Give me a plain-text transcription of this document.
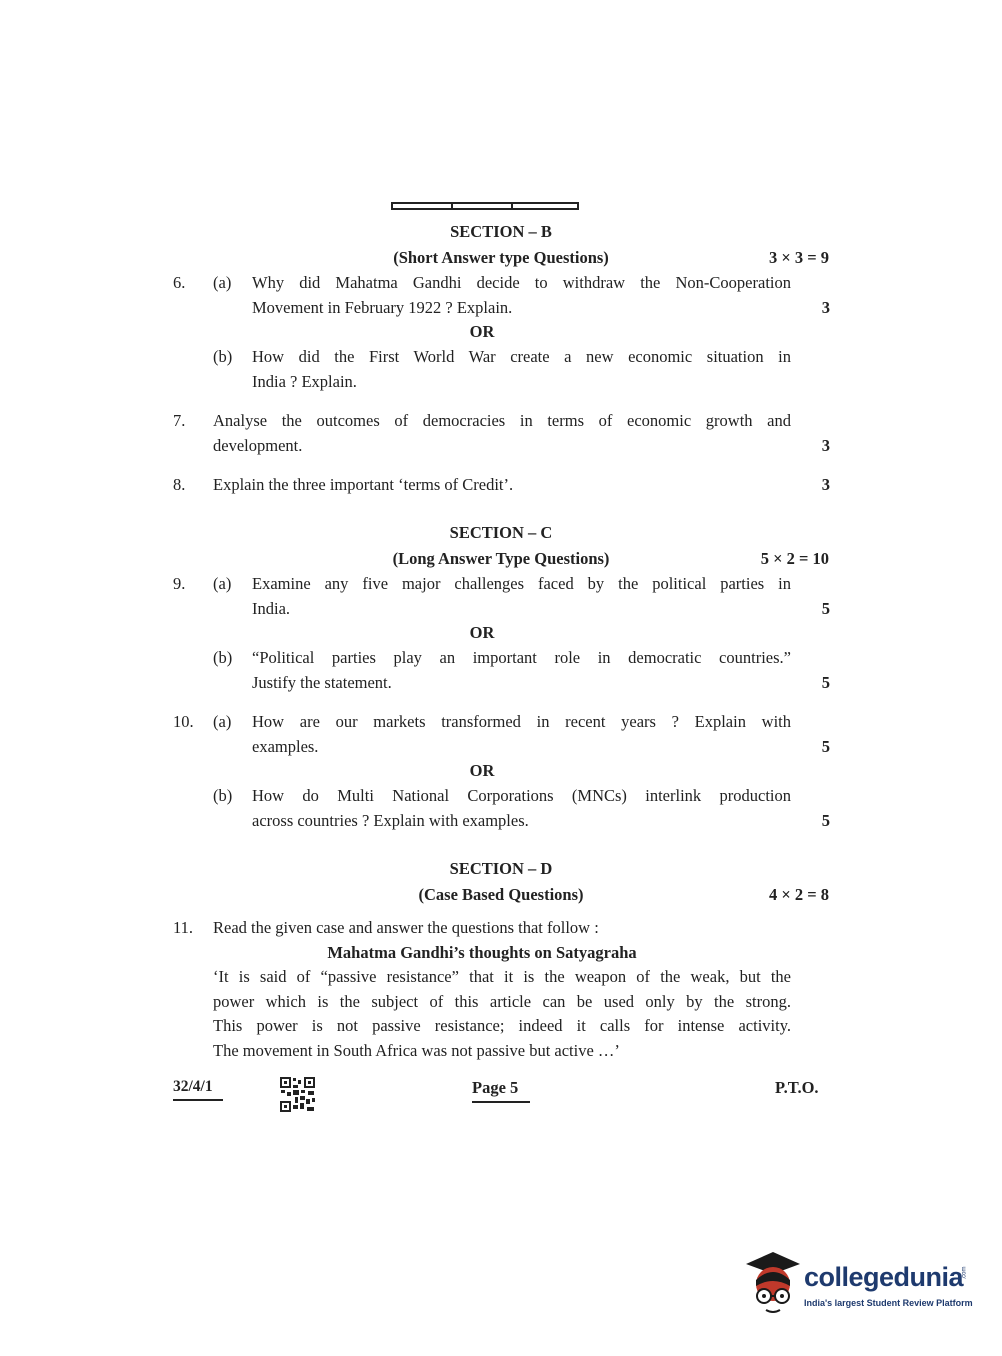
SECTION – B
(Short Answer type Questions)	3 × 3 = 9
6. (a) Why did Mahatma Gandhi decide to withdraw the Non-Cooperation
Movement in February 1922 ? Explain.	3
OR
(b) How did the First World War create a new economic situation in
India ? Explain.
7. Analyse the outcomes of democracies in terms of economic growth and
development.	3
8. Explain the three important ‘terms of Credit’.	3
SECTION – C
(Long Answer Type Questions)	5 × 2 = 10
9. (a) Examine any five major challenges faced by the political parties in
India.	5
OR
(b) “Political parties play an important role in democratic countries.”
Justify the statement.	5
10. (a) How are our markets transformed in recent years ? Explain with
examples.	5
OR
(b) How do Multi National Corporations (MNCs) interlink production
across countries ? Explain with examples.	5
SECTION – D
(Case Based Questions)	4 × 2 = 8
11. Read the given case and answer the questions that follow :
Mahatma Gandhi’s thoughts on Satyagraha
‘It is said of “passive resistance” that it is the weapon of the weak, but the
power which is the subject of this article can be used only by the strong.
This power is not passive resistance; indeed it calls for intense activity.
The movement in South Africa was not passive but active …’
32/4/1	Page 5	P.T.O.
collegedunia
.com
India's largest Student Review Platform
